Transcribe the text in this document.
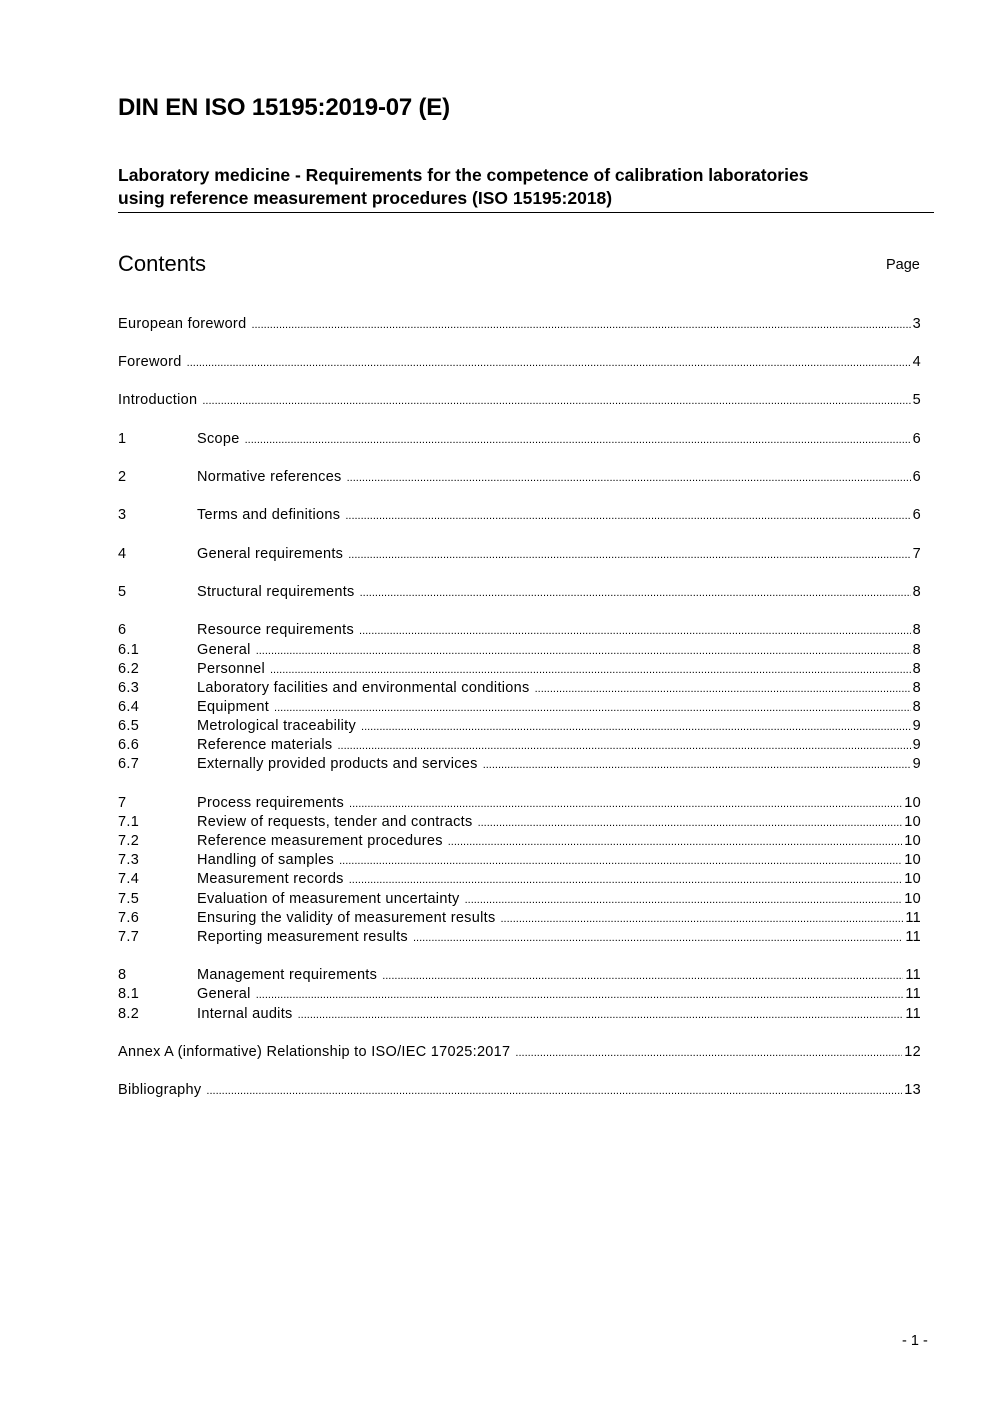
DIN EN ISO 15195:2019-07 (E)
Laboratory medicine - Requirements for the competence of calibration laboratories
using reference measurement procedures (ISO 15195:2018)
Contents	Page
European foreword .....	3
Foreword .....	4
Introduction .....	5
1	Scope .....	6
2	Normative references .....	6
3	Terms and definitions .....	6
4	General requirements .....	7
5	Structural requirements .....	8
6	Resource requirements .....	8
6.1	General .....	8
6.2	Personnel .....	8
6.3	Laboratory facilities and environmental conditions .....	8
6.4	Equipment .....	8
6.5	Metrological traceability .....	9
6.6	Reference materials .....	9
6.7	Externally provided products and services .....	9
7	Process requirements .....	10
7.1	Review of requests, tender and contracts .....	10
7.2	Reference measurement procedures .....	10
7.3	Handling of samples .....	10
7.4	Measurement records .....	10
7.5	Evaluation of measurement uncertainty .....	10
7.6	Ensuring the validity of measurement results .....	11
7.7	Reporting measurement results .....	11
8	Management requirements .....	11
8.1	General .....	11
8.2	Internal audits .....	11
Annex A (informative) Relationship to ISO/IEC 17025:2017 .....	12
Bibliography .....	13
- 1 -
